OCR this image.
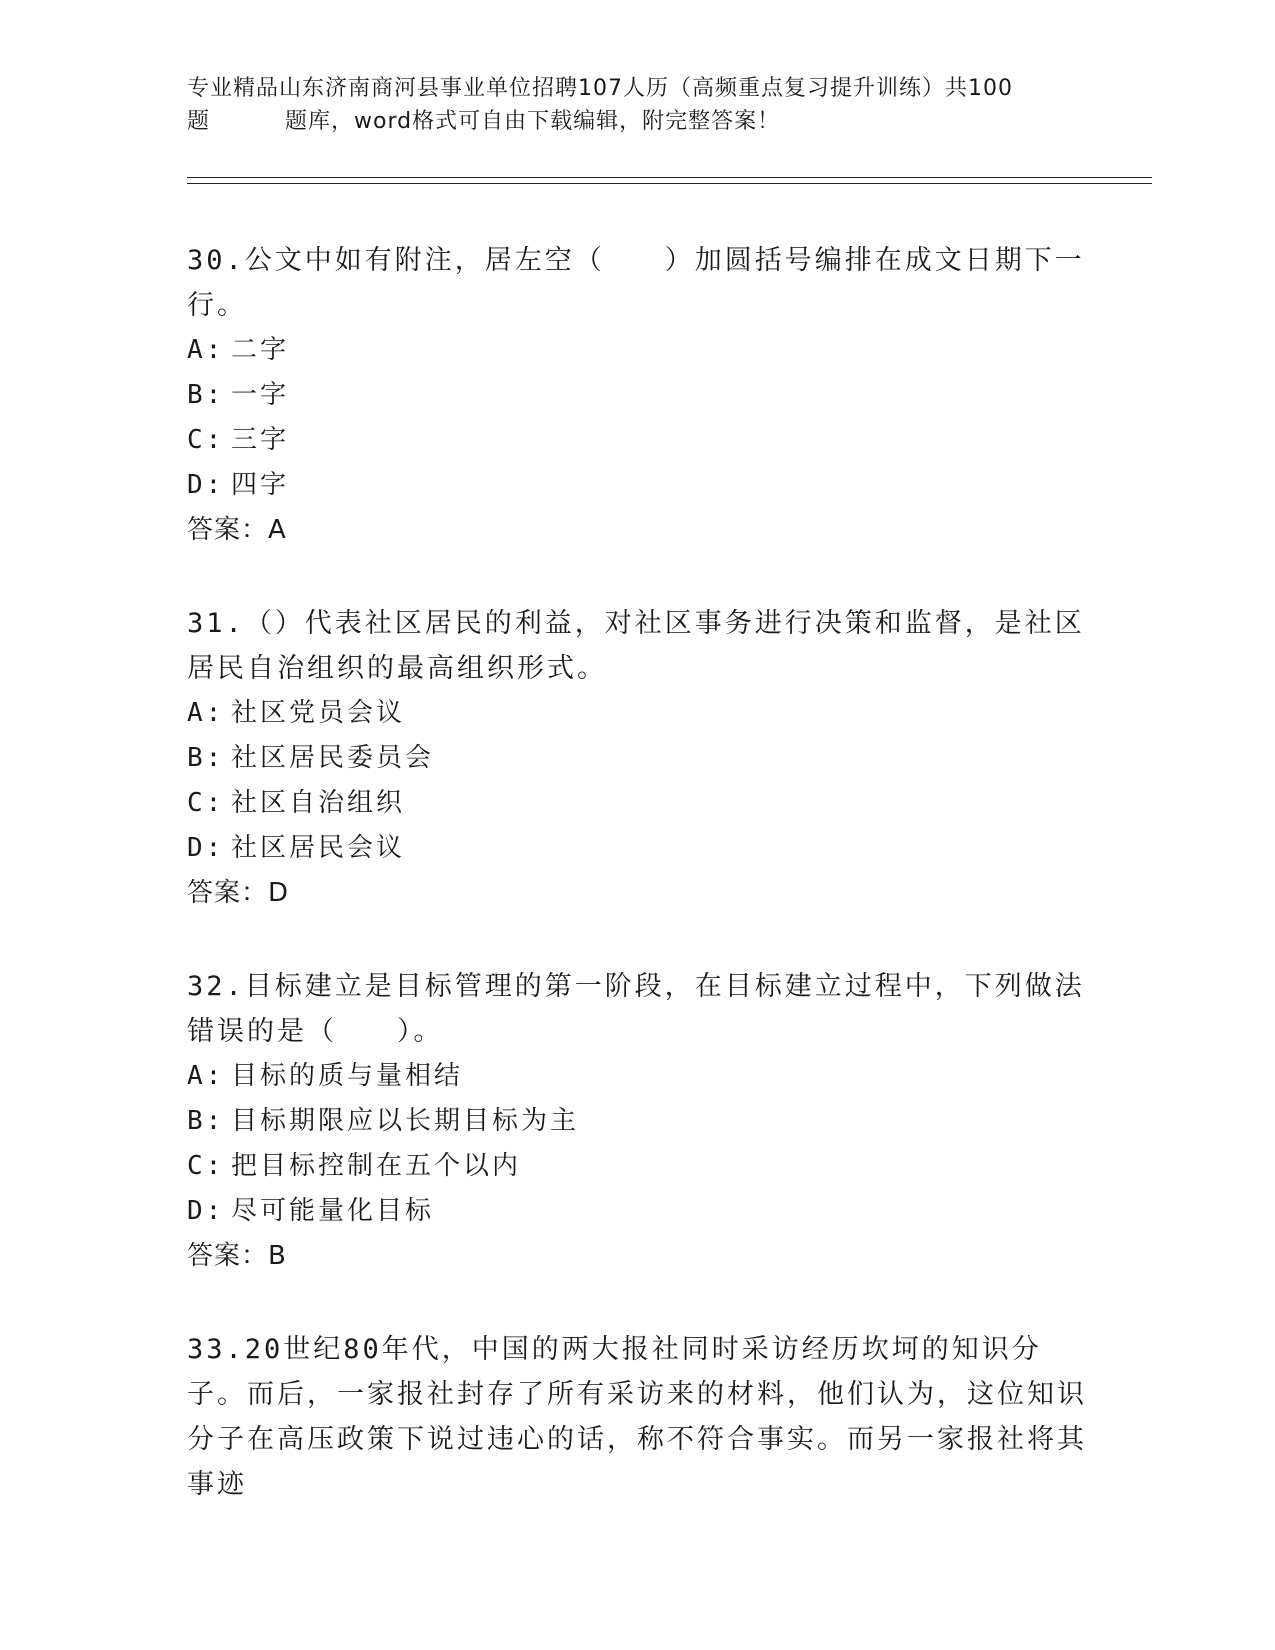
专业精品山东济南商河县事业单位招聘107人历（高频重点复习提升训练）共100
题	题库，word格式可自由下载编辑，附完整答案！

30.公文中如有附注，居左空（　　）加圆括号编排在成文日期下一行。

A: 二字

B: 一字

C: 三字

D: 四字

答案：A

31.（）代表社区居民的利益，对社区事务进行决策和监督，是社区居民自治组织的最高组织形式。

A: 社区党员会议

B: 社区居民委员会

C: 社区自治组织

D: 社区居民会议

答案：D

32.目标建立是目标管理的第一阶段，在目标建立过程中，下列做法错误的是（　　）。

A: 目标的质与量相结

B: 目标期限应以长期目标为主

C: 把目标控制在五个以内

D: 尽可能量化目标

答案：B

33.20世纪80年代，中国的两大报社同时采访经历坎坷的知识分子。而后，一家报社封存了所有采访来的材料，他们认为，这位知识分子在高压政策下说过违心的话，称不符合事实。而另一家报社将其事迹
